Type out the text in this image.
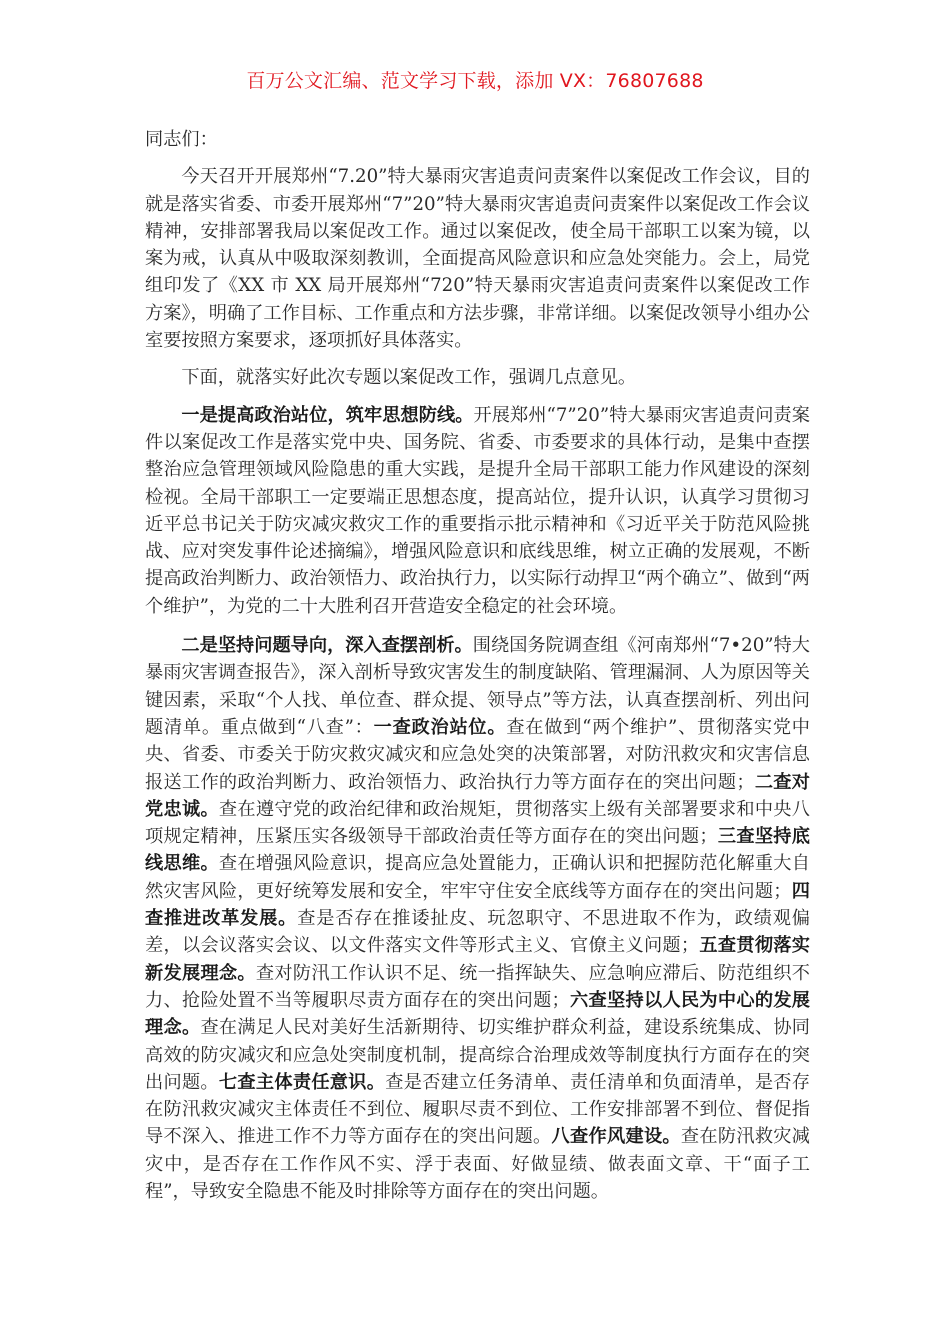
百万公文汇编、范文学习下载，添加 VX：76807688

同志们：

今天召开开展郑州“7.20”特大暴雨灾害追责问责案件以案促改工作会议，目的就是落实省委、市委开展郑州“7”20”特大暴雨灾害追责问责案件以案促改工作会议精神，安排部署我局以案促改工作。通过以案促改，使全局干部职工以案为镜，以案为戒，认真从中吸取深刻教训，全面提高风险意识和应急处突能力。会上，局党组印发了《XX 市 XX 局开展郑州“720”特天暴雨灾害追责问责案件以案促改工作方案》，明确了工作目标、工作重点和方法步骤，非常详细。以案促改领导小组办公室要按照方案要求，逐项抓好具体落实。

下面，就落实好此次专题以案促改工作，强调几点意见。

一是提高政治站位，筑牢思想防线。开展郑州“7”20”特大暴雨灾害追责问责案件以案促改工作是落实党中央、国务院、省委、市委要求的具体行动，是集中查摆整治应急管理领域风险隐患的重大实践，是提升全局干部职工能力作风建设的深刻检视。全局干部职工一定要端正思想态度，提高站位，提升认识，认真学习贯彻习近平总书记关于防灾减灾救灾工作的重要指示批示精神和《习近平关于防范风险挑战、应对突发事件论述摘编》，增强风险意识和底线思维，树立正确的发展观，不断提高政治判断力、政治领悟力、政治执行力，以实际行动捍卫“两个确立”、做到“两个维护”，为党的二十大胜利召开营造安全稳定的社会环境。

二是坚持问题导向，深入查摆剖析。围绕国务院调查组《河南郑州“7•20”特大暴雨灾害调查报告》，深入剖析导致灾害发生的制度缺陷、管理漏洞、人为原因等关键因素，采取“个人找、单位查、群众提、领导点”等方法，认真查摆剖析、列出问题清单。重点做到“八查”：一查政治站位。查在做到“两个维护”、贯彻落实党中央、省委、市委关于防灾救灾减灾和应急处突的决策部署，对防汛救灾和灾害信息报送工作的政治判断力、政治领悟力、政治执行力等方面存在的突出问题；二查对党忠诚。查在遵守党的政治纪律和政治规矩，贯彻落实上级有关部署要求和中央八项规定精神，压紧压实各级领导干部政治责任等方面存在的突出问题；三查坚持底线思维。查在增强风险意识，提高应急处置能力，正确认识和把握防范化解重大自然灾害风险，更好统筹发展和安全，牢牢守住安全底线等方面存在的突出问题；四查推进改革发展。查是否存在推诿扯皮、玩忽职守、不思进取不作为，政绩观偏差，以会议落实会议、以文件落实文件等形式主义、官僚主义问题；五查贯彻落实新发展理念。查对防汛工作认识不足、统一指挥缺失、应急响应滞后、防范组织不力、抢险处置不当等履职尽责方面存在的突出问题；六查坚持以人民为中心的发展理念。查在满足人民对美好生活新期待、切实维护群众利益，建设系统集成、协同高效的防灾减灾和应急处突制度机制，提高综合治理成效等制度执行方面存在的突出问题。七查主体责任意识。查是否建立任务清单、责任清单和负面清单，是否存在防汛救灾减灾主体责任不到位、履职尽责不到位、工作安排部署不到位、督促指导不深入、推进工作不力等方面存在的突出问题。八查作风建设。查在防汛救灾减灾中，是否存在工作作风不实、浮于表面、好做显绩、做表面文章、干“面子工程”，导致安全隐患不能及时排除等方面存在的突出问题。
